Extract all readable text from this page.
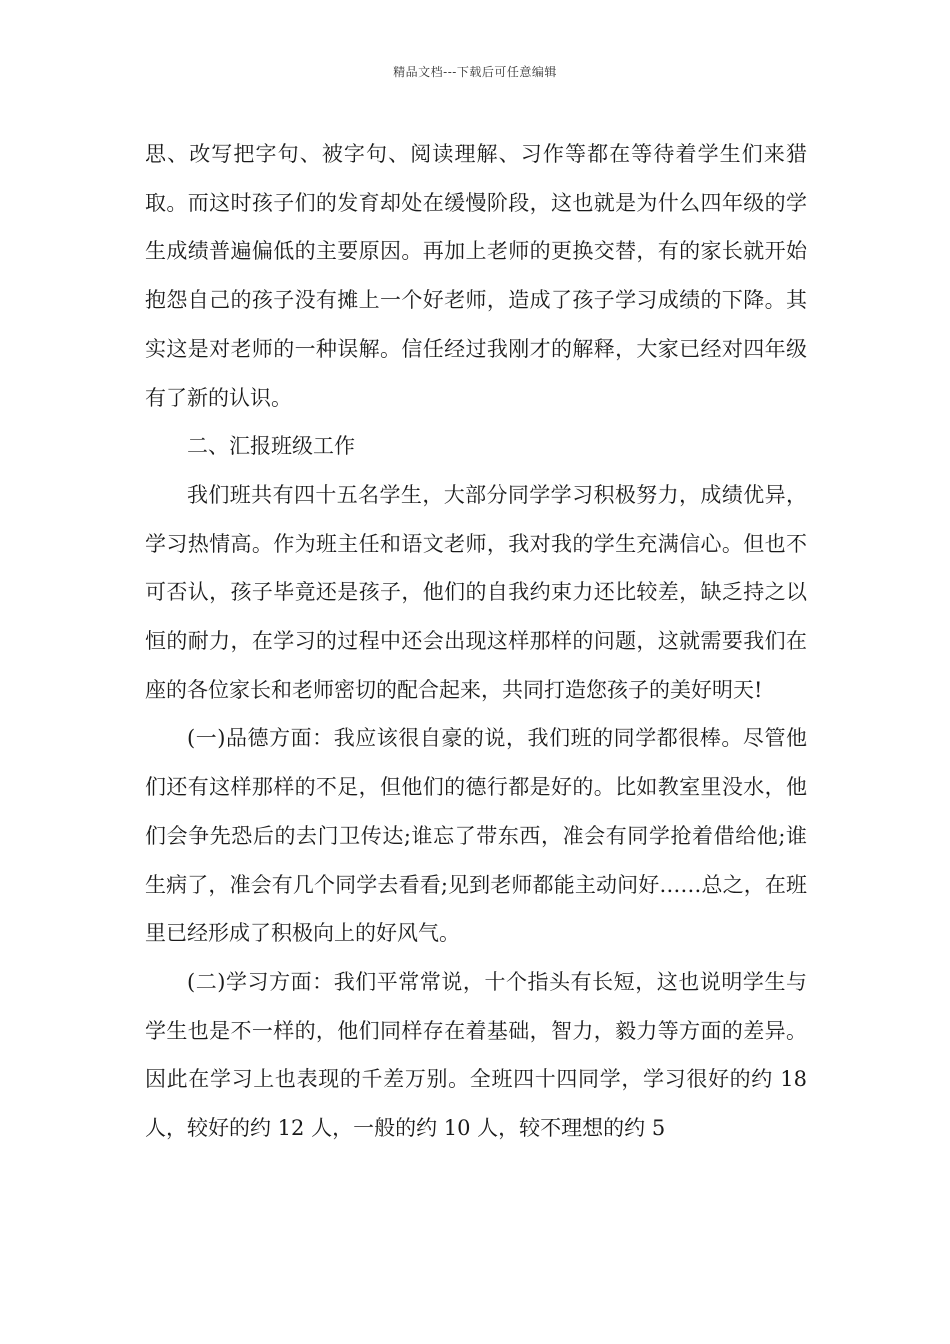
精品文档---下载后可任意编辑

思、改写把字句、被字句、阅读理解、习作等都在等待着学生们来猎取。而这时孩子们的发育却处在缓慢阶段，这也就是为什么四年级的学生成绩普遍偏低的主要原因。再加上老师的更换交替，有的家长就开始抱怨自己的孩子没有摊上一个好老师，造成了孩子学习成绩的下降。其实这是对老师的一种误解。信任经过我刚才的解释，大家已经对四年级有了新的认识。

二、汇报班级工作

我们班共有四十五名学生，大部分同学学习积极努力，成绩优异，学习热情高。作为班主任和语文老师，我对我的学生充满信心。但也不可否认，孩子毕竟还是孩子，他们的自我约束力还比较差，缺乏持之以恒的耐力，在学习的过程中还会出现这样那样的问题，这就需要我们在座的各位家长和老师密切的配合起来，共同打造您孩子的美好明天!

(一)品德方面：我应该很自豪的说，我们班的同学都很棒。尽管他们还有这样那样的不足，但他们的德行都是好的。比如教室里没水，他们会争先恐后的去门卫传达;谁忘了带东西，准会有同学抢着借给他;谁生病了，准会有几个同学去看看;见到老师都能主动问好……总之，在班里已经形成了积极向上的好风气。

(二)学习方面：我们平常常说，十个指头有长短，这也说明学生与学生也是不一样的，他们同样存在着基础，智力，毅力等方面的差异。因此在学习上也表现的千差万别。全班四十四同学，学习很好的约 18 人，较好的约 12 人，一般的约 10 人，较不理想的约 5
